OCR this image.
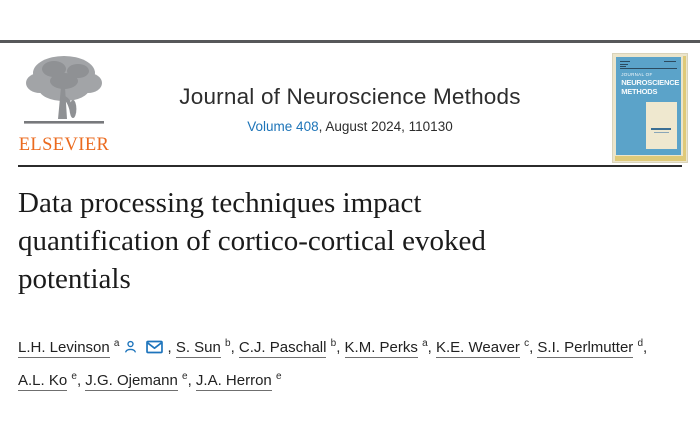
ELSEVIER
Journal of Neuroscience Methods
Volume 408, August 2024, 110130
JOURNAL OF
NEUROSCIENCE
METHODS
Data processing techniques impact
quantification of cortico-cortical evoked
potentials
L.H. Levinson $^a$	, S. Sun $^b$, C.J. Paschall $^b$, K.M. Perks $^a$, K.E. Weaver $^c$, S.I. Perlmutter $^d$, A.L. Ko $^e$, J.G. Ojemann $^e$, J.A. Herron $^e$
